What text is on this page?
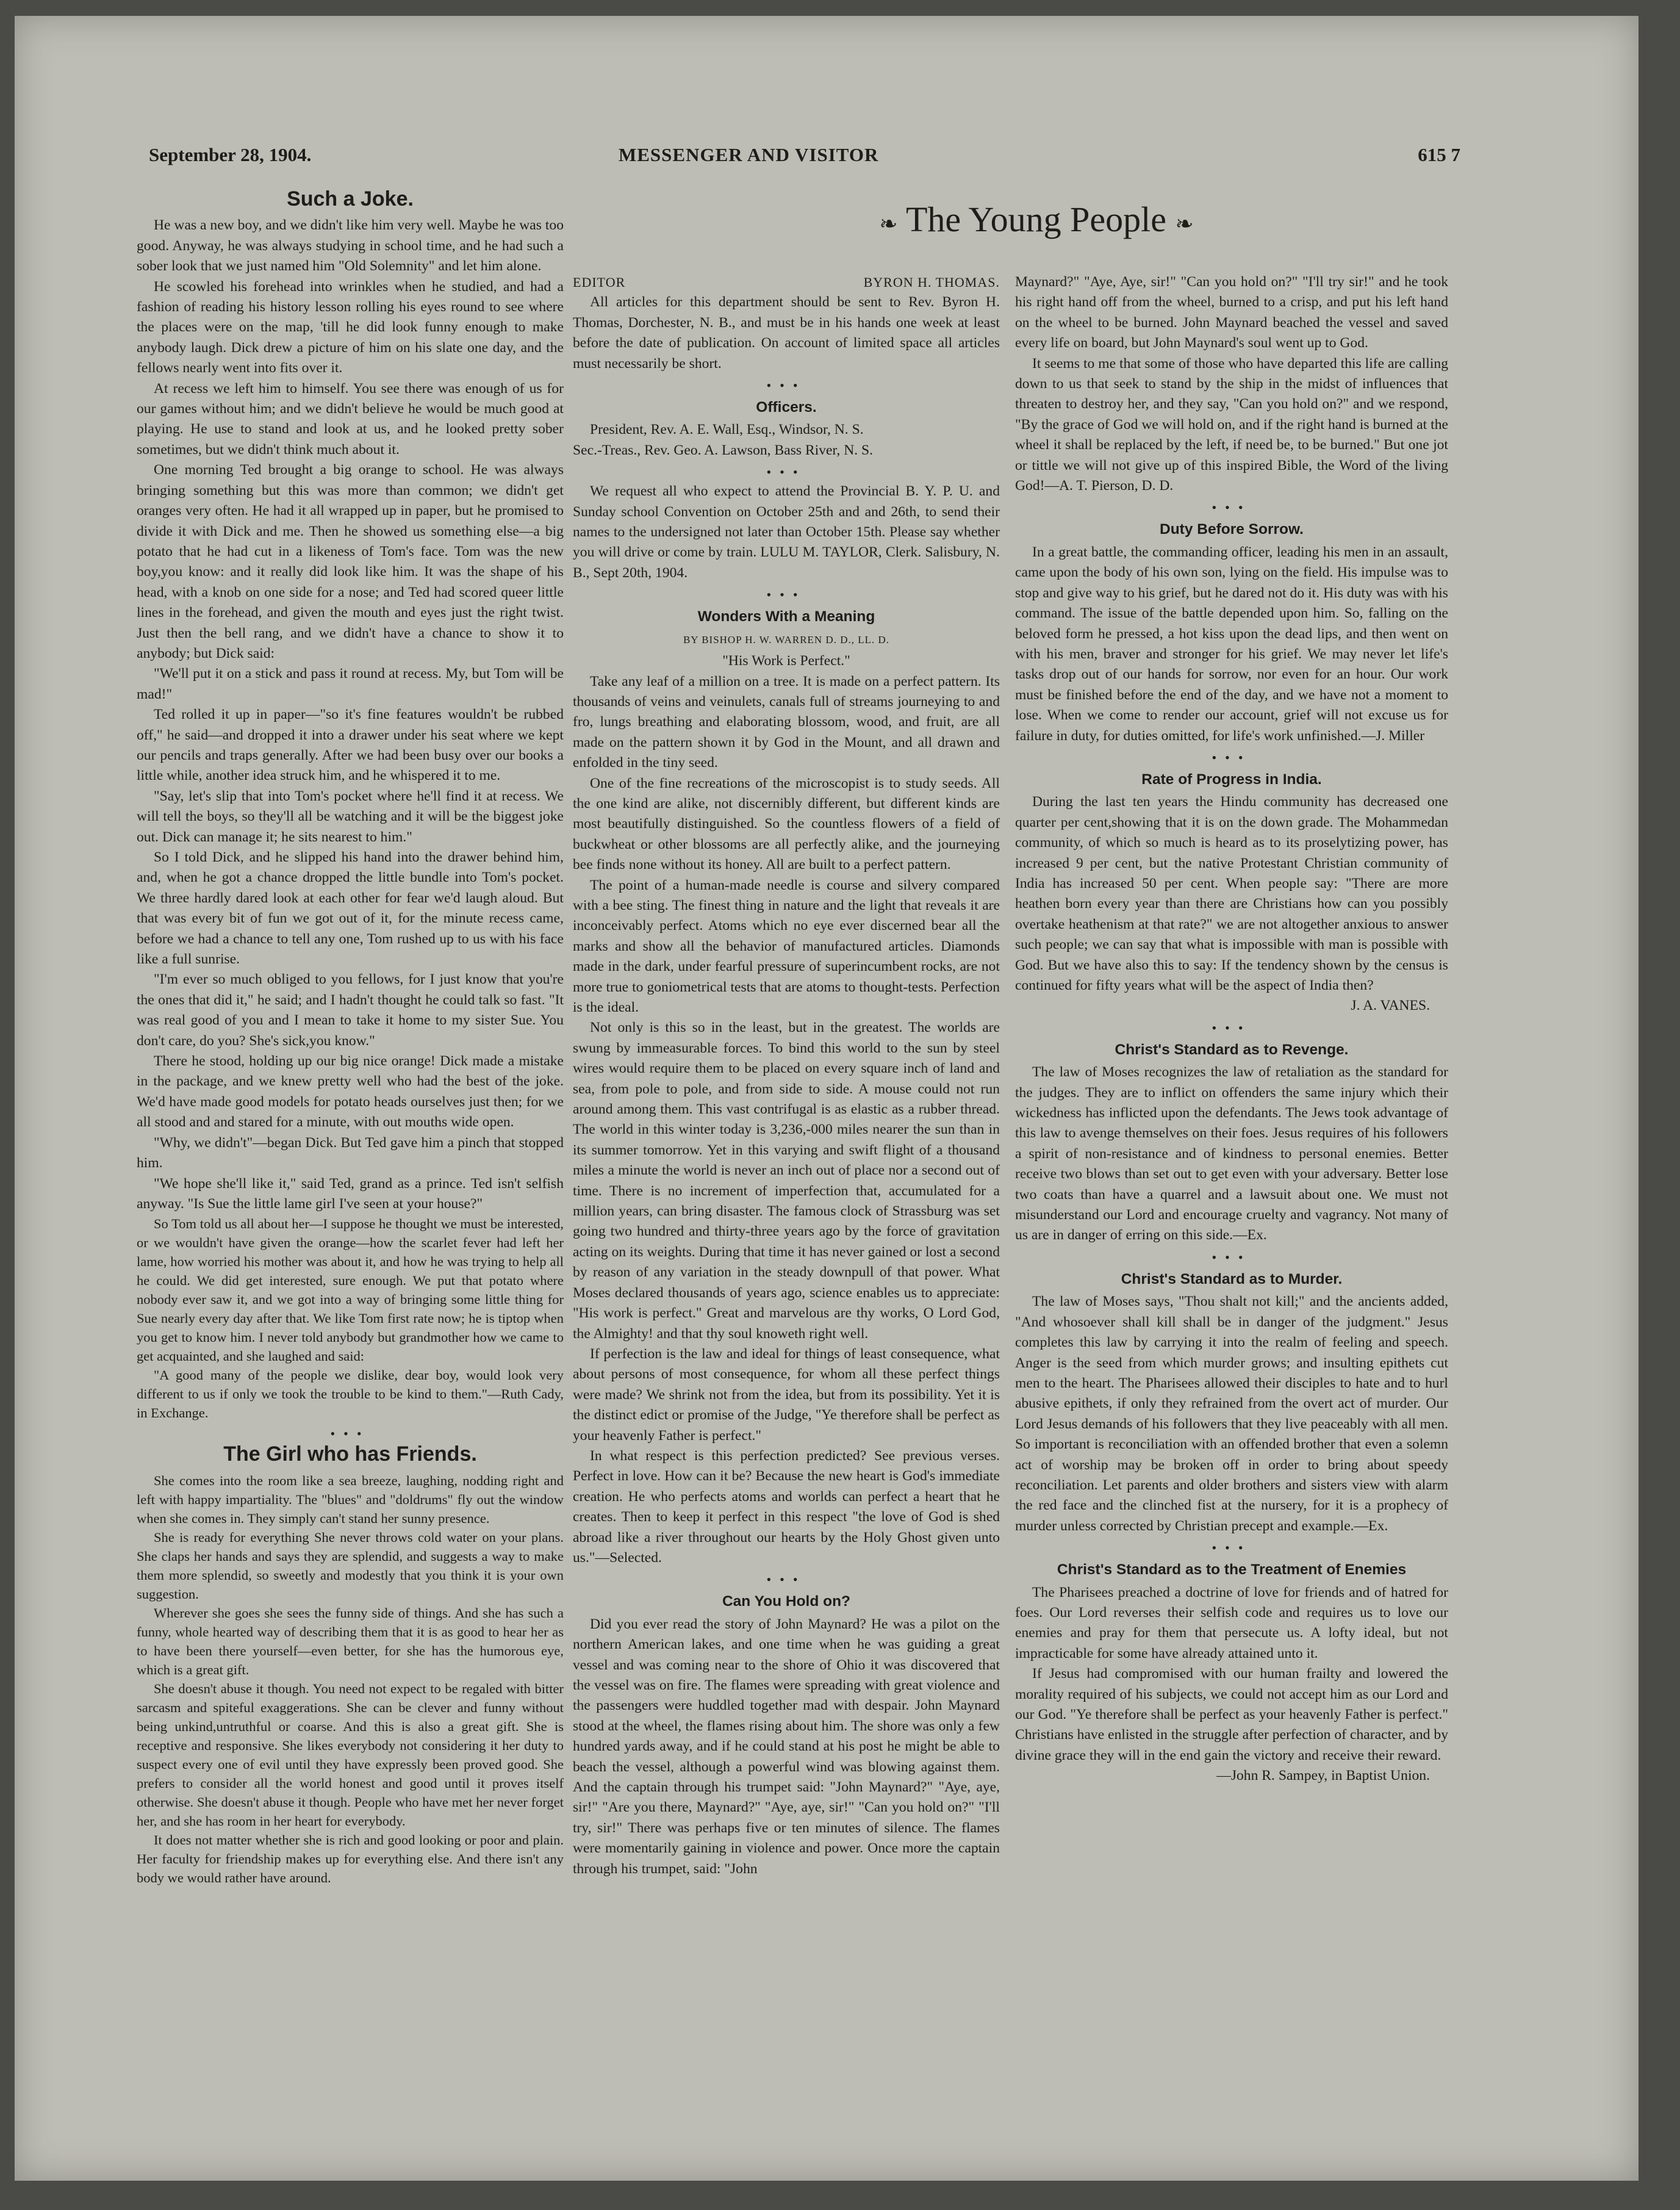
September 28, 1904.	MESSENGER AND VISITOR	615 7
❧ The Young People ❧
Such a Joke.

He was a new boy, and we didn't like him very well. Maybe he was too good. Anyway, he was always studying in school time, and he had such a sober look that we just named him "Old Solemnity" and let him alone.

He scowled his forehead into wrinkles when he studied, and had a fashion of reading his history lesson rolling his eyes round to see where the places were on the map, 'till he did look funny enough to make anybody laugh. Dick drew a picture of him on his slate one day, and the fellows nearly went into fits over it.

At recess we left him to himself. You see there was enough of us for our games without him; and we didn't believe he would be much good at playing. He use to stand and look at us, and he looked pretty sober sometimes, but we didn't think much about it.

One morning Ted brought a big orange to school. He was always bringing something but this was more than common; we didn't get oranges very often. He had it all wrapped up in paper, but he promised to divide it with Dick and me. Then he showed us something else—a big potato that he had cut in a likeness of Tom's face. Tom was the new boy,you know: and it really did look like him. It was the shape of his head, with a knob on one side for a nose; and Ted had scored queer little lines in the forehead, and given the mouth and eyes just the right twist. Just then the bell rang, and we didn't have a chance to show it to anybody; but Dick said:

"We'll put it on a stick and pass it round at recess. My, but Tom will be mad!"

Ted rolled it up in paper—"so it's fine features wouldn't be rubbed off," he said—and dropped it into a drawer under his seat where we kept our pencils and traps generally. After we had been busy over our books a little while, another idea struck him, and he whispered it to me.

"Say, let's slip that into Tom's pocket where he'll find it at recess. We will tell the boys, so they'll all be watching and it will be the biggest joke out. Dick can manage it; he sits nearest to him."

So I told Dick, and he slipped his hand into the drawer behind him, and, when he got a chance dropped the little bundle into Tom's pocket. We three hardly dared look at each other for fear we'd laugh aloud. But that was every bit of fun we got out of it, for the minute recess came, before we had a chance to tell any one, Tom rushed up to us with his face like a full sunrise.

"I'm ever so much obliged to you fellows, for I just know that you're the ones that did it," he said; and I hadn't thought he could talk so fast. "It was real good of you and I mean to take it home to my sister Sue. You don't care, do you? She's sick,you know."

There he stood, holding up our big nice orange! Dick made a mistake in the package, and we knew pretty well who had the best of the joke. We'd have made good models for potato heads ourselves just then; for we all stood and and stared for a minute, with out mouths wide open.

"Why, we didn't"—began Dick. But Ted gave him a pinch that stopped him.

"We hope she'll like it," said Ted, grand as a prince. Ted isn't selfish anyway. "Is Sue the little lame girl I've seen at your house?"

So Tom told us all about her—I suppose he thought we must be interested, or we wouldn't have given the orange—how the scarlet fever had left her lame, how worried his mother was about it, and how he was trying to help all he could. We did get interested, sure enough. We put that potato where nobody ever saw it, and we got into a way of bringing some little thing for Sue nearly every day after that. We like Tom first rate now; he is tiptop when you get to know him. I never told anybody but grandmother how we came to get acquainted, and she laughed and said:

"A good many of the people we dislike, dear boy, would look very different to us if only we took the trouble to be kind to them."—Ruth Cady, in Exchange.

•••
The Girl who has Friends.

She comes into the room like a sea breeze, laughing, nodding right and left with happy impartiality. The "blues" and "doldrums" fly out the window when she comes in. They simply can't stand her sunny presence.

She is ready for everything She never throws cold water on your plans. She claps her hands and says they are splendid, and suggests a way to make them more splendid, so sweetly and modestly that you think it is your own suggestion.

Wherever she goes she sees the funny side of things. And she has such a funny, whole hearted way of describing them that it is as good to hear her as to have been there yourself—even better, for she has the humorous eye, which is a great gift.

She doesn't abuse it though. You need not expect to be regaled with bitter sarcasm and spiteful exaggerations. She can be clever and funny without being unkind,untruthful or coarse. And this is also a great gift. She is receptive and responsive. She likes everybody not considering it her duty to suspect every one of evil until they have expressly been proved good. She prefers to consider all the world honest and good until it proves itself otherwise. She doesn't abuse it though. People who have met her never forget her, and she has room in her heart for everybody.

It does not matter whether she is rich and good looking or poor and plain. Her faculty for friendship makes up for everything else. And there isn't any body we would rather have around.

EDITOR	BYRON H. THOMAS.

All articles for this department should be sent to Rev. Byron H. Thomas, Dorchester, N. B., and must be in his hands one week at least before the date of publication. On account of limited space all articles must necessarily be short.

•••
Officers.

President, Rev. A. E. Wall, Esq., Windsor, N. S.

Sec.-Treas., Rev. Geo. A. Lawson, Bass River, N. S.

•••

We request all who expect to attend the Provincial B. Y. P. U. and Sunday school Convention on October 25th and and 26th, to send their names to the undersigned not later than October 15th. Please say whether you will drive or come by train. LULU M. TAYLOR, Clerk. Salisbury, N. B., Sept 20th, 1904.

•••
Wonders With a Meaning
BY BISHOP H. W. WARREN D. D., LL. D.
"His Work is Perfect."

Take any leaf of a million on a tree. It is made on a perfect pattern. Its thousands of veins and veinulets, canals full of streams journeying to and fro, lungs breathing and elaborating blossom, wood, and fruit, are all made on the pattern shown it by God in the Mount, and all drawn and enfolded in the tiny seed.

One of the fine recreations of the microscopist is to study seeds. All the one kind are alike, not discernibly different, but different kinds are most beautifully distinguished. So the countless flowers of a field of buckwheat or other blossoms are all perfectly alike, and the journeying bee finds none without its honey. All are built to a perfect pattern.

The point of a human-made needle is course and silvery compared with a bee sting. The finest thing in nature and the light that reveals it are inconceivably perfect. Atoms which no eye ever discerned bear all the marks and show all the behavior of manufactured articles. Diamonds made in the dark, under fearful pressure of superincumbent rocks, are not more true to goniometrical tests that are atoms to thought-tests. Perfection is the ideal.

Not only is this so in the least, but in the greatest. The worlds are swung by immeasurable forces. To bind this world to the sun by steel wires would require them to be placed on every square inch of land and sea, from pole to pole, and from side to side. A mouse could not run around among them. This vast contrifugal is as elastic as a rubber thread. The world in this winter today is 3,236,-000 miles nearer the sun than in its summer tomorrow. Yet in this varying and swift flight of a thousand miles a minute the world is never an inch out of place nor a second out of time. There is no increment of imperfection that, accumulated for a million years, can bring disaster. The famous clock of Strassburg was set going two hundred and thirty-three years ago by the force of gravitation acting on its weights. During that time it has never gained or lost a second by reason of any variation in the steady downpull of that power. What Moses declared thousands of years ago, science enables us to appreciate: "His work is perfect." Great and marvelous are thy works, O Lord God, the Almighty! and that thy soul knoweth right well.

If perfection is the law and ideal for things of least consequence, what about persons of most consequence, for whom all these perfect things were made? We shrink not from the idea, but from its possibility. Yet it is the distinct edict or promise of the Judge, "Ye therefore shall be perfect as your heavenly Father is perfect."

In what respect is this perfection predicted? See previous verses. Perfect in love. How can it be? Because the new heart is God's immediate creation. He who perfects atoms and worlds can perfect a heart that he creates. Then to keep it perfect in this respect "the love of God is shed abroad like a river throughout our hearts by the Holy Ghost given unto us."—Selected.

•••
Can You Hold on?

Did you ever read the story of John Maynard? He was a pilot on the northern American lakes, and one time when he was guiding a great vessel and was coming near to the shore of Ohio it was discovered that the vessel was on fire. The flames were spreading with great violence and the passengers were huddled together mad with despair. John Maynard stood at the wheel, the flames rising about him. The shore was only a few hundred yards away, and if he could stand at his post he might be able to beach the vessel, although a powerful wind was blowing against them. And the captain through his trumpet said: "John Maynard?" "Aye, aye, sir!" "Are you there, Maynard?" "Aye, aye, sir!" "Can you hold on?" "I'll try, sir!" There was perhaps five or ten minutes of silence. The flames were momentarily gaining in violence and power. Once more the captain through his trumpet, said: "John

Maynard?" "Aye, Aye, sir!" "Can you hold on?" "I'll try sir!" and he took his right hand off from the wheel, burned to a crisp, and put his left hand on the wheel to be burned. John Maynard beached the vessel and saved every life on board, but John Maynard's soul went up to God.

It seems to me that some of those who have departed this life are calling down to us that seek to stand by the ship in the midst of influences that threaten to destroy her, and they say, "Can you hold on?" and we respond, "By the grace of God we will hold on, and if the right hand is burned at the wheel it shall be replaced by the left, if need be, to be burned." But one jot or tittle we will not give up of this inspired Bible, the Word of the living God!—A. T. Pierson, D. D.

•••
Duty Before Sorrow.

In a great battle, the commanding officer, leading his men in an assault, came upon the body of his own son, lying on the field. His impulse was to stop and give way to his grief, but he dared not do it. His duty was with his command. The issue of the battle depended upon him. So, falling on the beloved form he pressed, a hot kiss upon the dead lips, and then went on with his men, braver and stronger for his grief. We may never let life's tasks drop out of our hands for sorrow, nor even for an hour. Our work must be finished before the end of the day, and we have not a moment to lose. When we come to render our account, grief will not excuse us for failure in duty, for duties omitted, for life's work unfinished.—J. Miller

•••
Rate of Progress in India.

During the last ten years the Hindu community has decreased one quarter per cent,showing that it is on the down grade. The Mohammedan community, of which so much is heard as to its proselytizing power, has increased 9 per cent, but the native Protestant Christian community of India has increased 50 per cent. When people say: "There are more heathen born every year than there are Christians how can you possibly overtake heathenism at that rate?" we are not altogether anxious to answer such people; we can say that what is impossible with man is possible with God. But we have also this to say: If the tendency shown by the census is continued for fifty years what will be the aspect of India then?

J. A. VANES.
•••
Christ's Standard as to Revenge.

The law of Moses recognizes the law of retaliation as the standard for the judges. They are to inflict on offenders the same injury which their wickedness has inflicted upon the defendants. The Jews took advantage of this law to avenge themselves on their foes. Jesus requires of his followers a spirit of non-resistance and of kindness to personal enemies. Better receive two blows than set out to get even with your adversary. Better lose two coats than have a quarrel and a lawsuit about one. We must not misunderstand our Lord and encourage cruelty and vagrancy. Not many of us are in danger of erring on this side.—Ex.

•••
Christ's Standard as to Murder.

The law of Moses says, "Thou shalt not kill;" and the ancients added, "And whosoever shall kill shall be in danger of the judgment." Jesus completes this law by carrying it into the realm of feeling and speech. Anger is the seed from which murder grows; and insulting epithets cut men to the heart. The Pharisees allowed their disciples to hate and to hurl abusive epithets, if only they refrained from the overt act of murder. Our Lord Jesus demands of his followers that they live peaceably with all men. So important is reconciliation with an offended brother that even a solemn act of worship may be broken off in order to bring about speedy reconciliation. Let parents and older brothers and sisters view with alarm the red face and the clinched fist at the nursery, for it is a prophecy of murder unless corrected by Christian precept and example.—Ex.

•••
Christ's Standard as to the Treatment of Enemies

The Pharisees preached a doctrine of love for friends and of hatred for foes. Our Lord reverses their selfish code and requires us to love our enemies and pray for them that persecute us. A lofty ideal, but not impracticable for some have already attained unto it.

If Jesus had compromised with our human frailty and lowered the morality required of his subjects, we could not accept him as our Lord and our God. "Ye therefore shall be perfect as your heavenly Father is perfect." Christians have enlisted in the struggle after perfection of character, and by divine grace they will in the end gain the victory and receive their reward.

—John R. Sampey, in Baptist Union.
